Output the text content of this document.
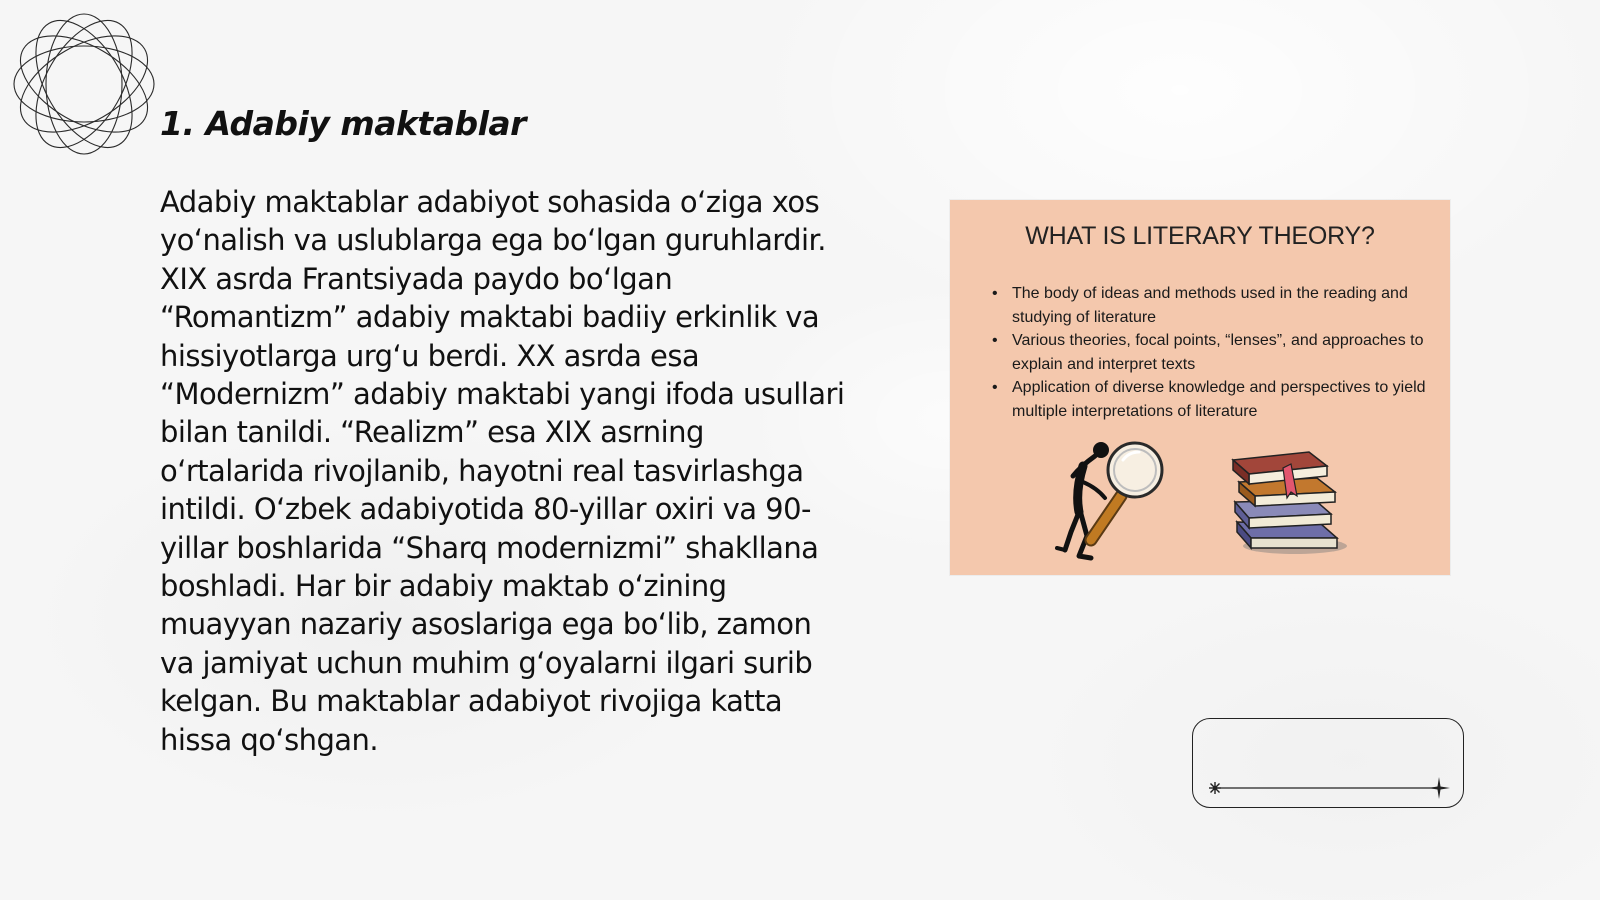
1. Adabiy maktablar

Adabiy maktablar adabiyot sohasida o‘ziga xos yo‘nalish va uslublarga ega bo‘lgan guruhlardir. XIX asrda Frantsiyada paydo bo‘lgan “Romantizm” adabiy maktabi badiiy erkinlik va hissiyotlarga urg‘u berdi. XX asrda esa “Modernizm” adabiy maktabi yangi ifoda usullari bilan tanildi. “Realizm” esa XIX asrning o‘rtalarida rivojlanib, hayotni real tasvirlashga intildi. O‘zbek adabiyotida 80-yillar oxiri va 90-yillar boshlarida “Sharq modernizmi” shakllana boshladi. Har bir adabiy maktab o‘zining muayyan nazariy asoslariga ega bo‘lib, zamon va jamiyat uchun muhim g‘oyalarni ilgari surib kelgan. Bu maktablar adabiyot rivojiga katta hissa qo‘shgan.

WHAT IS LITERARY THEORY?
• The body of ideas and methods used in the reading and studying of literature
• Various theories, focal points, “lenses”, and approaches to explain and interpret texts
• Application of diverse knowledge and perspectives to yield multiple interpretations of literature
